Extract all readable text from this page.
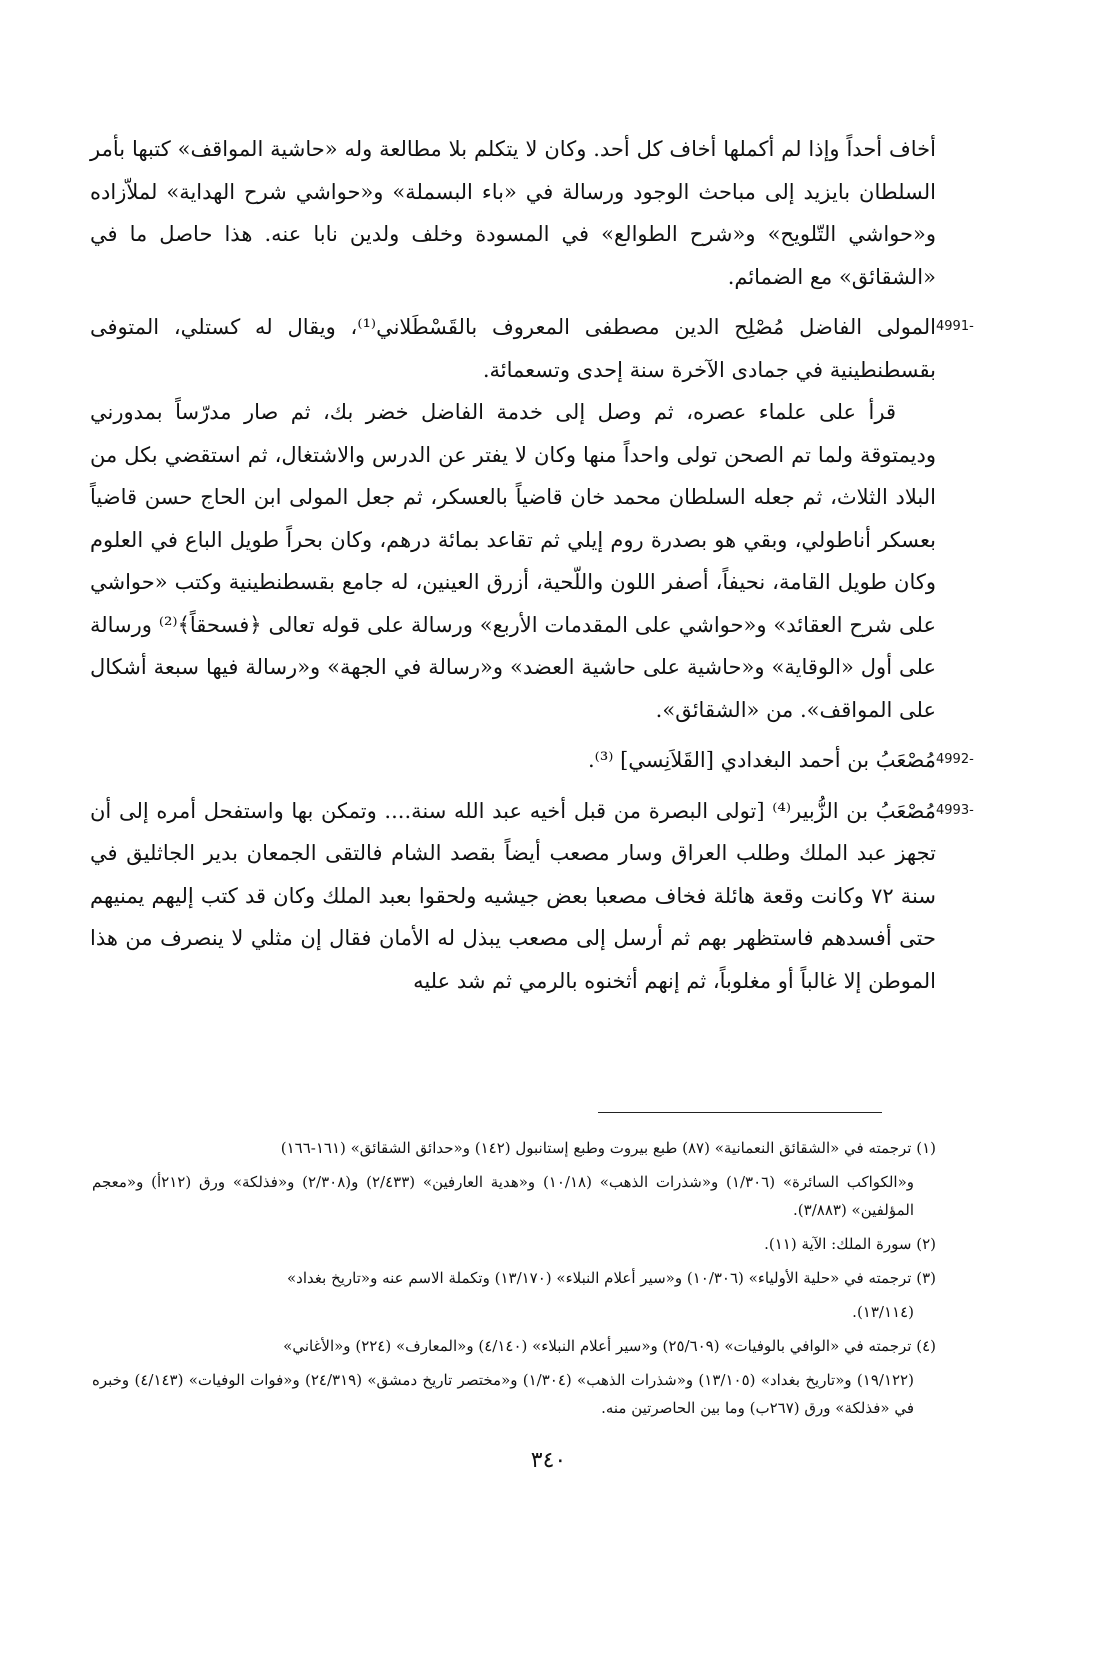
أخاف أحداً وإذا لم أكملها أخاف كل أحد. وكان لا يتكلم بلا مطالعة وله «حاشية المواقف» كتبها بأمر السلطان بايزيد إلى مباحث الوجود ورسالة في «باء البسملة» و«حواشي شرح الهداية» لملاّزاده و«حواشي التّلويح» و«شرح الطوالع» في المسودة وخلف ولدين نابا عنه. هذا حاصل ما في «الشقائق» مع الضمائم.

4991-

المولى الفاضل مُصْلِح الدين مصطفى المعروف بالقَسْطَلاني⁽¹⁾، ويقال له كستلي، المتوفى بقسطنطينية في جمادى الآخرة سنة إحدى وتسعمائة.

قرأ على علماء عصره، ثم وصل إلى خدمة الفاضل خضر بك، ثم صار مدرّساً بمدورني وديمتوقة ولما تم الصحن تولى واحداً منها وكان لا يفتر عن الدرس والاشتغال، ثم استقضي بكل من البلاد الثلاث، ثم جعله السلطان محمد خان قاضياً بالعسكر، ثم جعل المولى ابن الحاج حسن قاضياً بعسكر أناطولي، وبقي هو بصدرة روم إيلي ثم تقاعد بمائة درهم، وكان بحراً طويل الباع في العلوم وكان طويل القامة، نحيفاً، أصفر اللون واللّحية، أزرق العينين، له جامع بقسطنطينية وكتب «حواشي على شرح العقائد» و«حواشي على المقدمات الأربع» ورسالة على قوله تعالى ﴿فسحقاً﴾⁽²⁾ ورسالة على أول «الوقاية» و«حاشية على حاشية العضد» و«رسالة في الجهة» و«رسالة فيها سبعة أشكال على المواقف». من «الشقائق».

4992-

مُصْعَبُ بن أحمد البغدادي [القَلاَنِسي] ⁽³⁾.

4993-

مُصْعَبُ بن الزُّبير⁽⁴⁾ [تولى البصرة من قبل أخيه عبد الله سنة.... وتمكن بها واستفحل أمره إلى أن تجهز عبد الملك وطلب العراق وسار مصعب أيضاً بقصد الشام فالتقى الجمعان بدير الجاثليق في سنة ٧٢ وكانت وقعة هائلة فخاف مصعبا بعض جيشيه ولحقوا بعبد الملك وكان قد كتب إليهم يمنيهم حتى أفسدهم فاستظهر بهم ثم أرسل إلى مصعب يبذل له الأمان فقال إن مثلي لا ينصرف من هذا الموطن إلا غالباً أو مغلوباً، ثم إنهم أثخنوه بالرمي ثم شد عليه

(١) ترجمته في «الشقائق النعمانية» (٨٧) طبع بيروت وطبع إستانبول (١٤٢) و«حدائق الشقائق» (١٦١-١٦٦)

و«الكواكب السائرة» (١/٣٠٦) و«شذرات الذهب» (١٠/١٨) و«هدية العارفين» (٢/٤٣٣) و(٢/٣٠٨) و«فذلكة» ورق (٢١٢أ) و«معجم المؤلفين» (٣/٨٨٣).

(٢) سورة الملك: الآية (١١).

(٣) ترجمته في «حلية الأولياء» (١٠/٣٠٦) و«سير أعلام النبلاء» (١٣/١٧٠) وتكملة الاسم عنه و«تاريخ بغداد»

(١٣/١١٤).

(٤) ترجمته في «الوافي بالوفيات» (٢٥/٦٠٩) و«سير أعلام النبلاء» (٤/١٤٠) و«المعارف» (٢٢٤) و«الأغاني»

(١٩/١٢٢) و«تاريخ بغداد» (١٣/١٠٥) و«شذرات الذهب» (١/٣٠٤) و«مختصر تاريخ دمشق» (٢٤/٣١٩) و«فوات الوفيات» (٤/١٤٣) وخبره في «فذلكة» ورق (٢٦٧ب) وما بين الحاصرتين منه.

٣٤٠
